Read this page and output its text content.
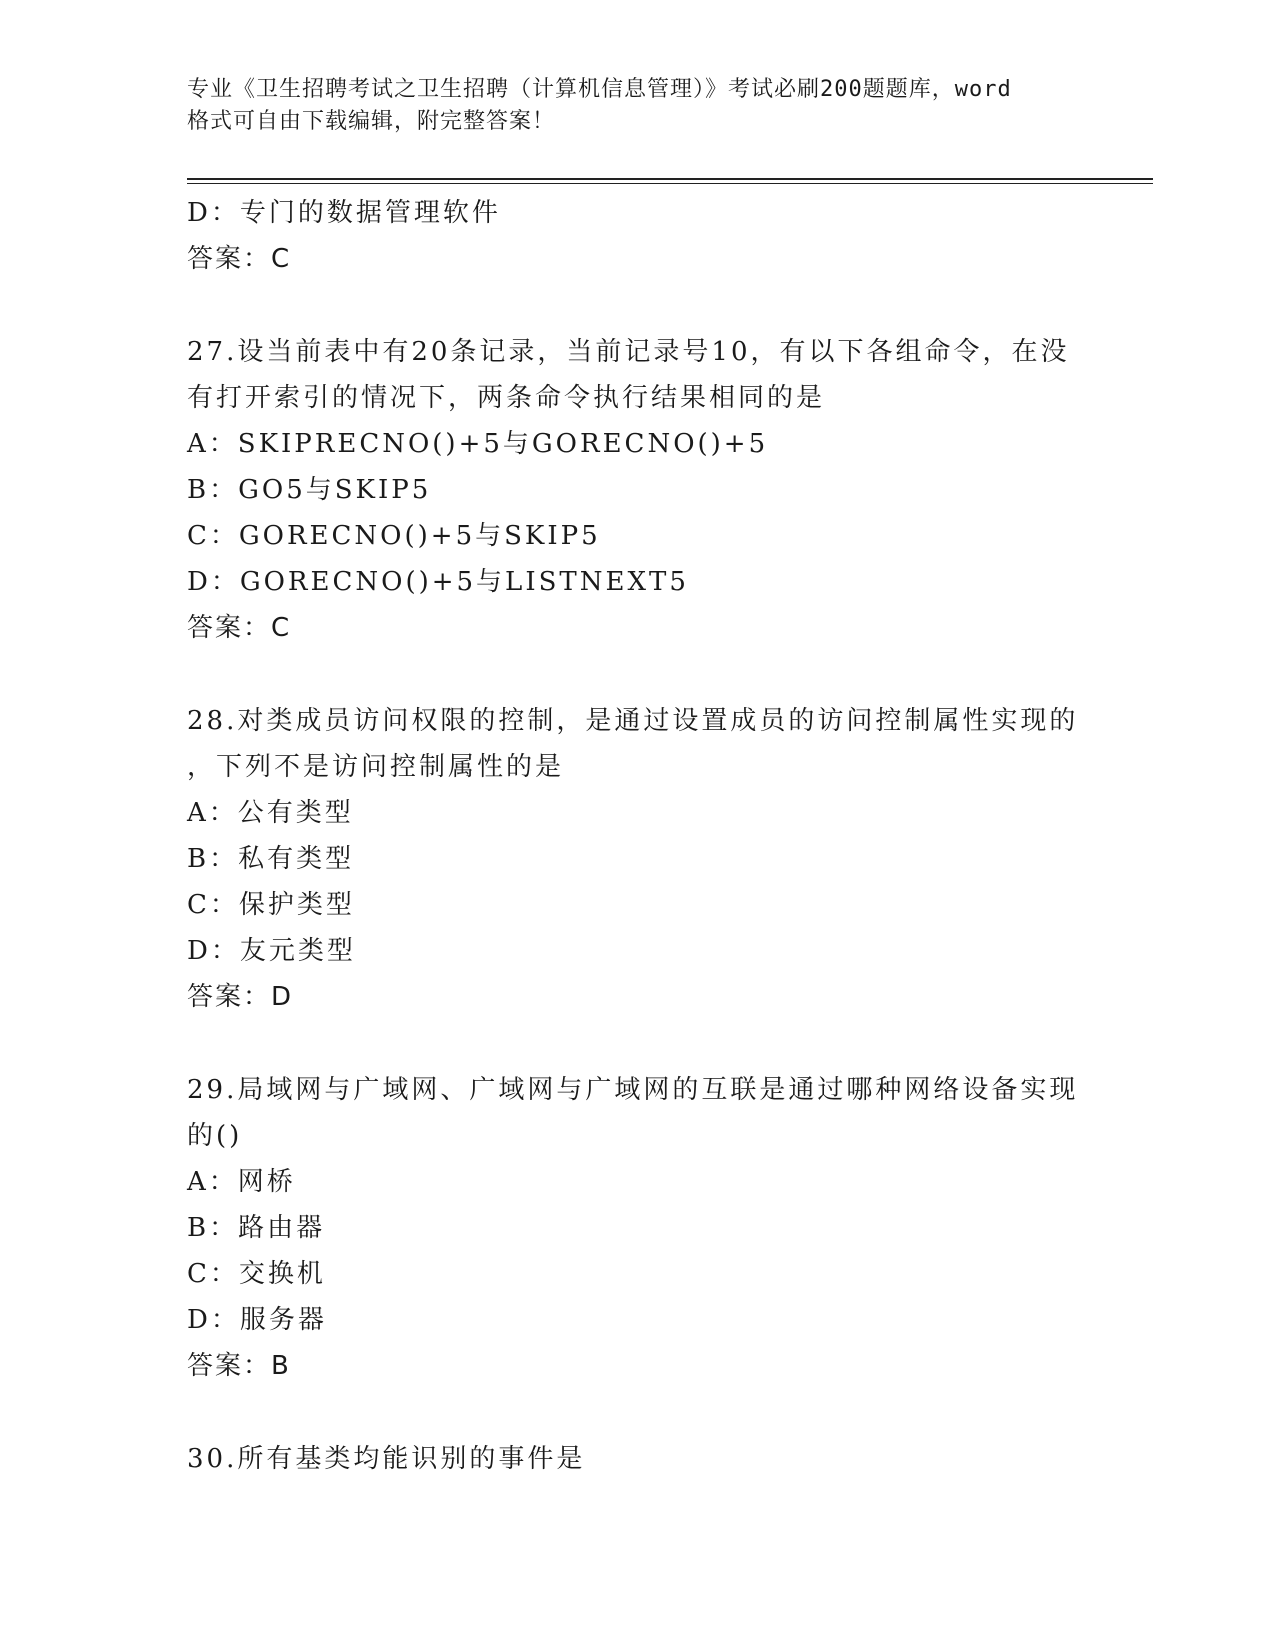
专业《卫生招聘考试之卫生招聘（计算机信息管理）》考试必刷200题题库，word
格式可自由下载编辑，附完整答案！
D：专门的数据管理软件
答案：C
27.设当前表中有20条记录，当前记录号10，有以下各组命令，在没
有打开索引的情况下，两条命令执行结果相同的是
A：SKIPRECNO()+5与GORECNO()+5
B：GO5与SKIP5
C：GORECNO()+5与SKIP5
D：GORECNO()+5与LISTNEXT5
答案：C
28.对类成员访问权限的控制，是通过设置成员的访问控制属性实现的
，下列不是访问控制属性的是
A：公有类型
B：私有类型
C：保护类型
D：友元类型
答案：D
29.局域网与广域网、广域网与广域网的互联是通过哪种网络设备实现
的()
A：网桥
B：路由器
C：交换机
D：服务器
答案：B
30.所有基类均能识别的事件是
